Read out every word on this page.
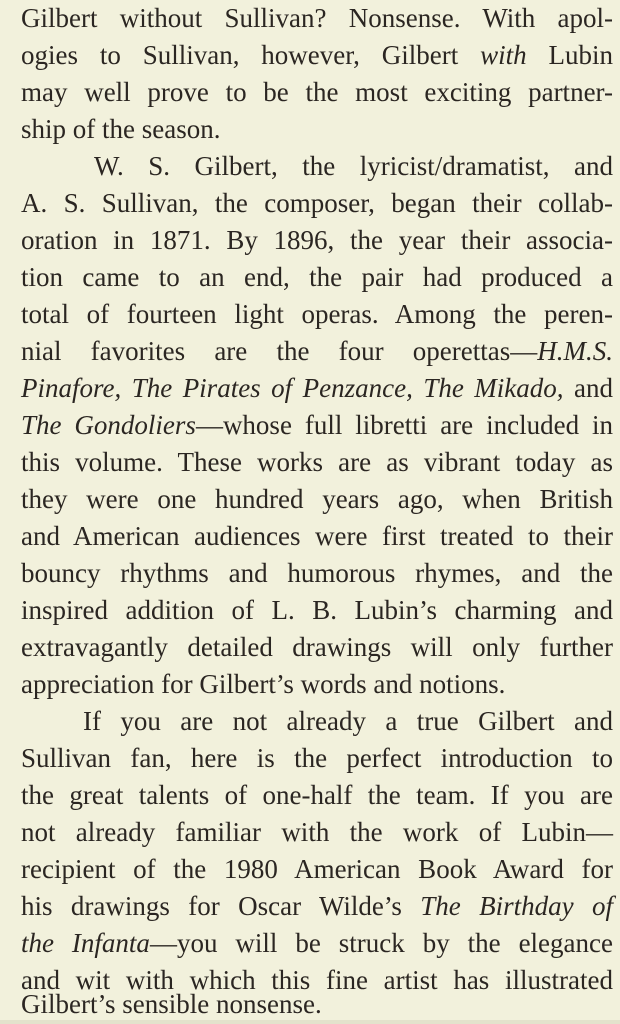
Gilbert without Sullivan? Nonsense. With apol-
ogies to Sullivan, however, Gilbert with Lubin
may well prove to be the most exciting partner-
ship of the season.
W. S. Gilbert, the lyricist/dramatist, and
A. S. Sullivan, the composer, began their collab-
oration in 1871. By 1896, the year their associa-
tion came to an end, the pair had produced a
total of fourteen light operas. Among the peren-
nial favorites are the four operettas—H.M.S.
Pinafore, The Pirates of Penzance, The Mikado, and
The Gondoliers—whose full libretti are included in
this volume. These works are as vibrant today as
they were one hundred years ago, when British
and American audiences were first treated to their
bouncy rhythms and humorous rhymes, and the
inspired addition of L. B. Lubin’s charming and
extravagantly detailed drawings will only further
appreciation for Gilbert’s words and notions.
If you are not already a true Gilbert and
Sullivan fan, here is the perfect introduction to
the great talents of one-half the team. If you are
not already familiar with the work of Lubin—
recipient of the 1980 American Book Award for
his drawings for Oscar Wilde’s The Birthday of
the Infanta—you will be struck by the elegance
and wit with which this fine artist has illustrated
Gilbert’s sensible nonsense.
